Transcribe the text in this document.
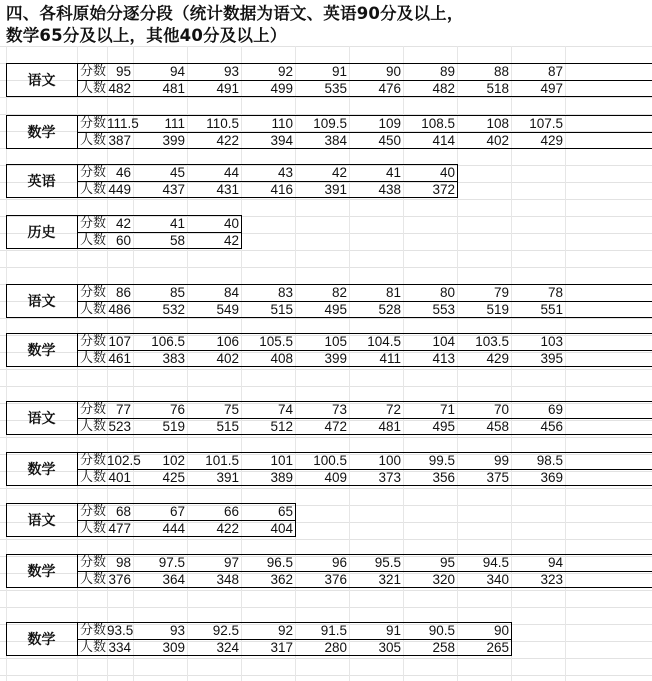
四、各科原始分逐分段（统计数据为语文、英语90分及以上，
数学65分及以上，其他40分及以上）
语文
分数 95	94	93	92	91	90	89	88	87
人数 482	481	491	499	535	476	482	518	497
数学
分数 111.5	111	110.5	110	109.5	109	108.5	108	107.5
人数 387	399	422	394	384	450	414	402	429
英语
分数 46	45	44	43	42	41	40
人数 449	437	431	416	391	438	372
历史
分数 42	41	40
人数 60	58	42
语文
分数 86	85	84	83	82	81	80	79	78
人数 486	532	549	515	495	528	553	519	551
数学
分数 107	106.5	106	105.5	105	104.5	104	103.5	103
人数 461	383	402	408	399	411	413	429	395
语文
分数 77	76	75	74	73	72	71	70	69
人数 523	519	515	512	472	481	495	458	456
数学
分数 102.5	102	101.5	101	100.5	100	99.5	99	98.5
人数 401	425	391	389	409	373	356	375	369
语文
分数 68	67	66	65
人数 477	444	422	404
数学
分数 98	97.5	97	96.5	96	95.5	95	94.5	94
人数 376	364	348	362	376	321	320	340	323
数学
分数 93.5	93	92.5	92	91.5	91	90.5	90
人数 334	309	324	317	280	305	258	265
